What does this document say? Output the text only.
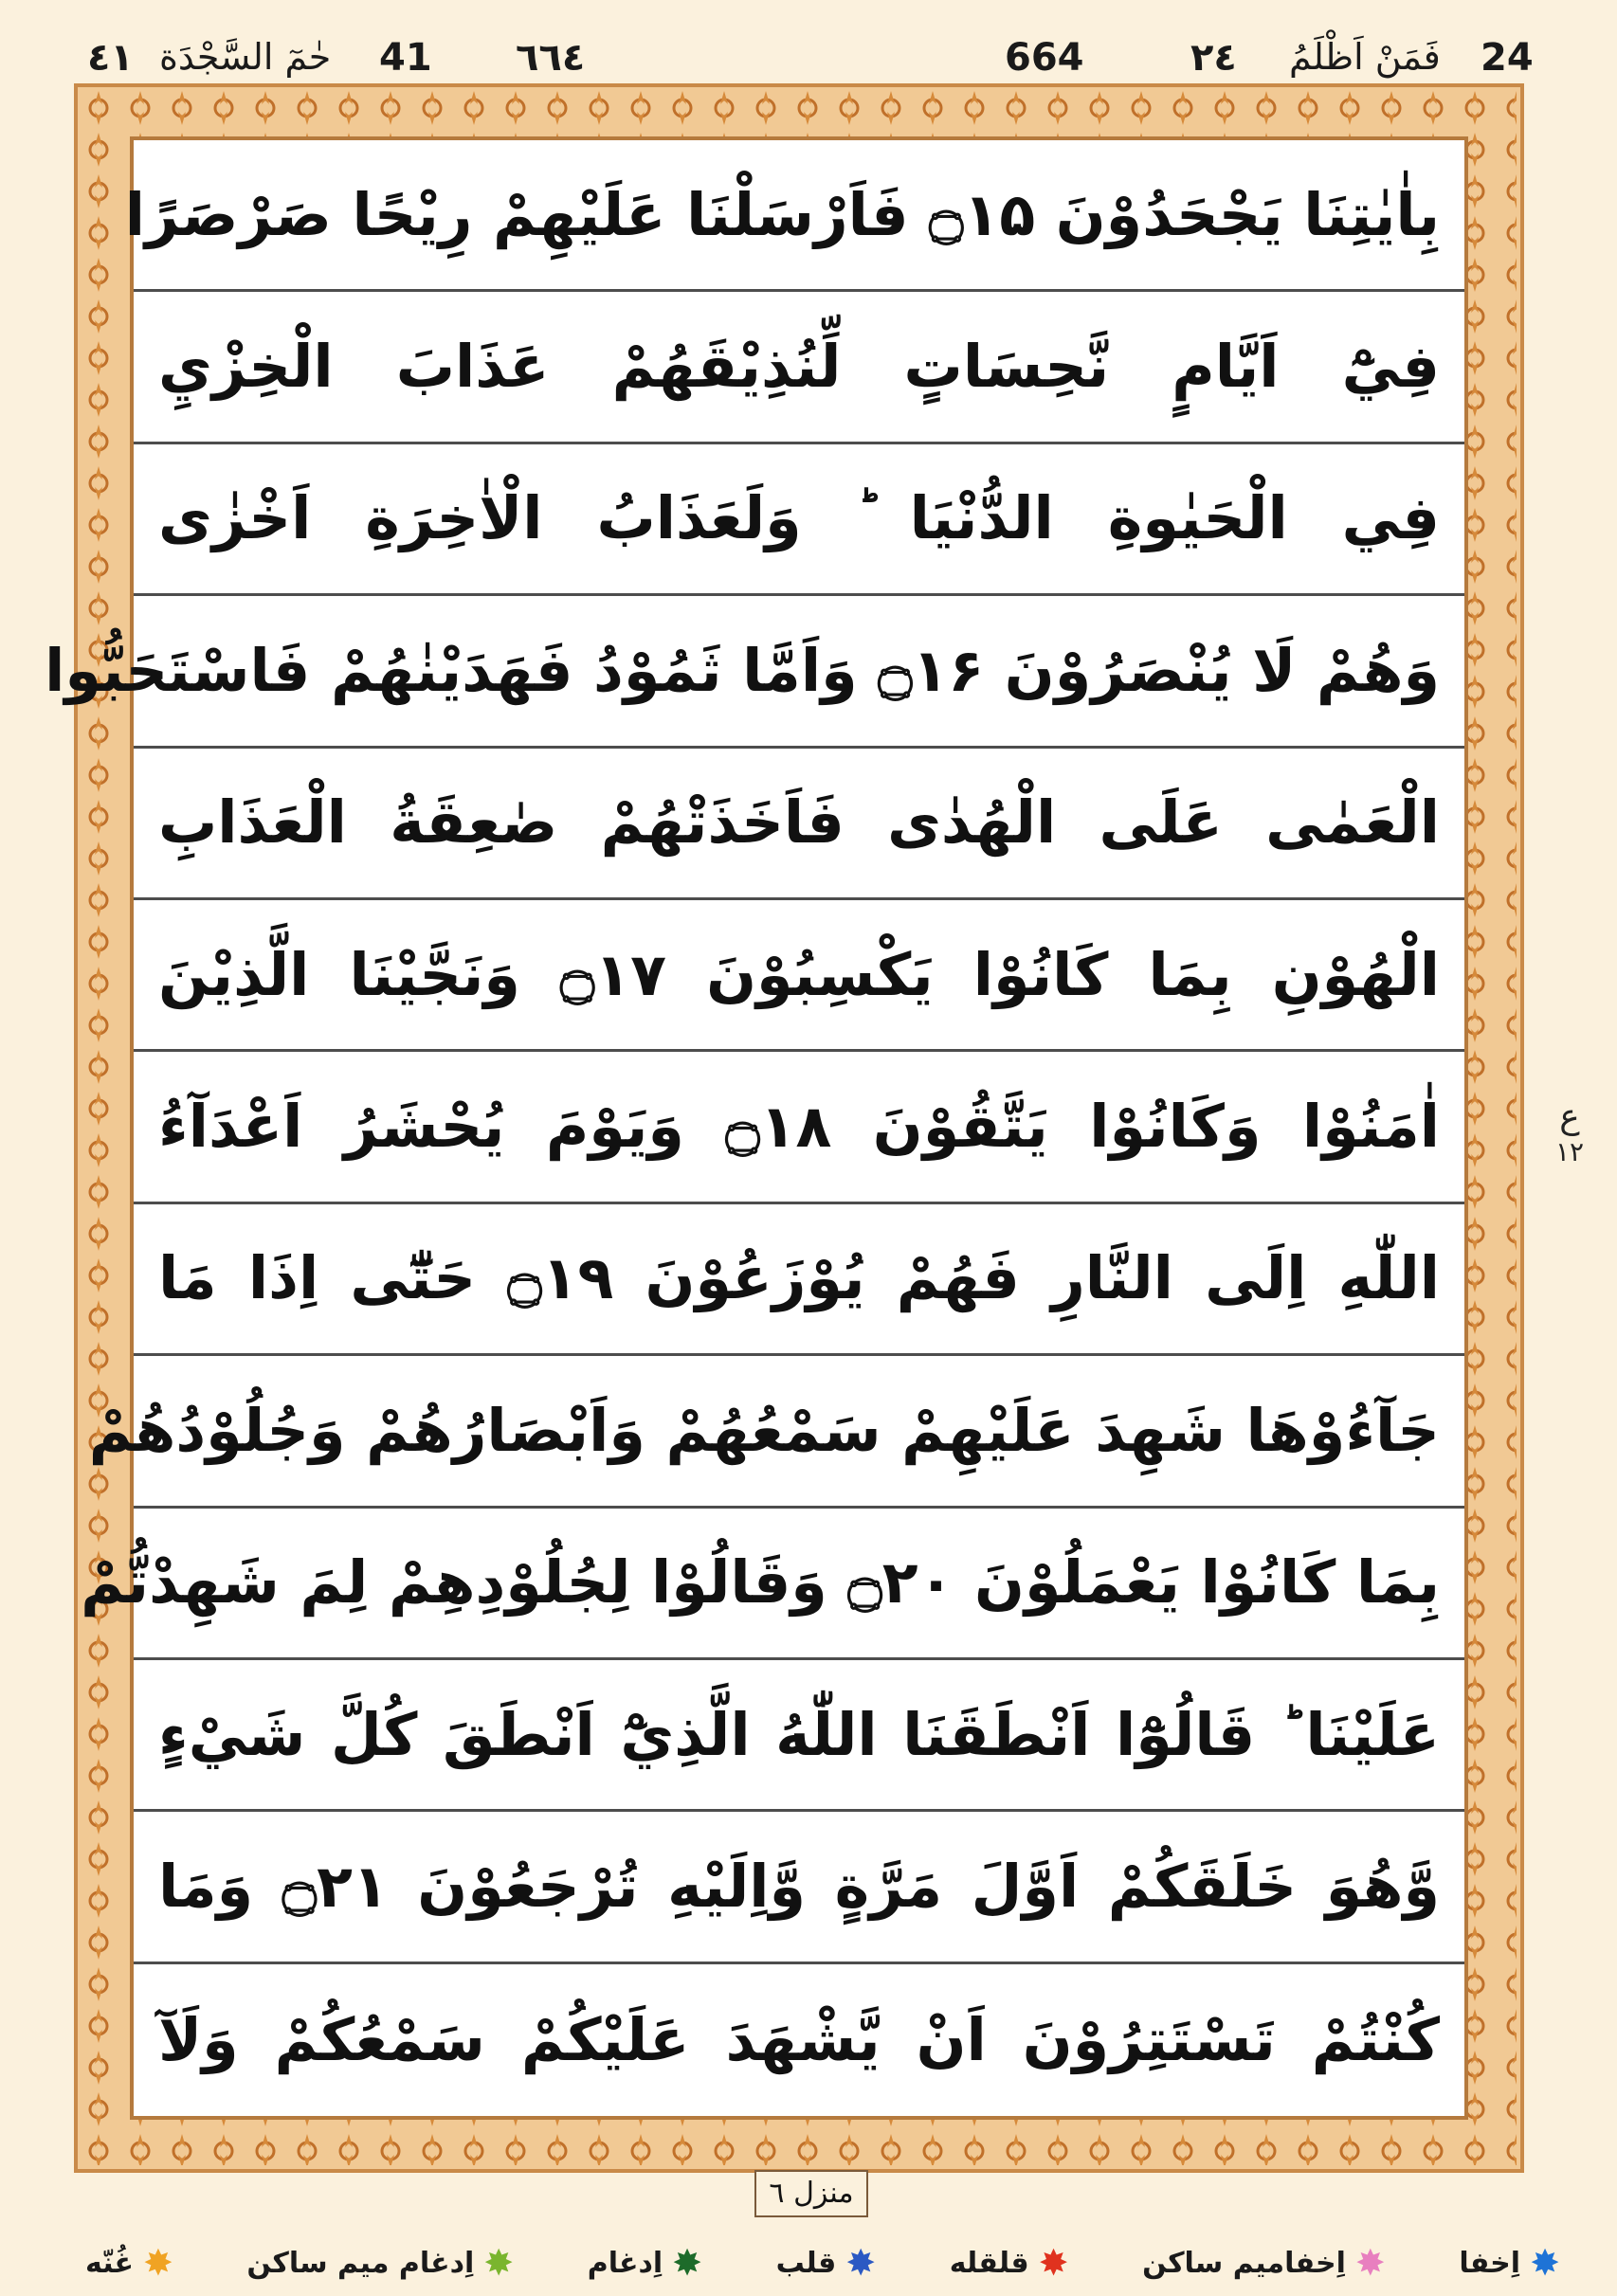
24
فَمَنْ اَظْلَمُ
٢٤
664
٦٦٤
41
حٰمٓ السَّجْدَة
٤١
بِاٰيٰتِنَا يَجْحَدُوْنَ ۝۱۵ فَاَرْسَلْنَا عَلَيْهِمْ رِيْحًا صَرْصَرًا
فِيْٓ اَيَّامٍ نَّحِسَاتٍ لِّنُذِيْقَهُمْ عَذَابَ الْخِزْيِ
فِي الْحَيٰوةِ الدُّنْيَا ؕ وَلَعَذَابُ الْاٰخِرَةِ اَخْزٰى
وَهُمْ لَا يُنْصَرُوْنَ ۝۱۶ وَاَمَّا ثَمُوْدُ فَهَدَيْنٰهُمْ فَاسْتَحَبُّوا
الْعَمٰى عَلَى الْهُدٰى فَاَخَذَتْهُمْ صٰعِقَةُ الْعَذَابِ
الْهُوْنِ بِمَا كَانُوْا يَكْسِبُوْنَ ۝۱۷ وَنَجَّيْنَا الَّذِيْنَ
اٰمَنُوْا وَكَانُوْا يَتَّقُوْنَ ۝۱۸ وَيَوْمَ يُحْشَرُ اَعْدَآءُ
اللّٰهِ اِلَى النَّارِ فَهُمْ يُوْزَعُوْنَ ۝۱۹ حَتّٰٓى اِذَا مَا
جَآءُوْهَا شَهِدَ عَلَيْهِمْ سَمْعُهُمْ وَاَبْصَارُهُمْ وَجُلُوْدُهُمْ
بِمَا كَانُوْا يَعْمَلُوْنَ ۝۲۰ وَقَالُوْا لِجُلُوْدِهِمْ لِمَ شَهِدْتُّمْ
عَلَيْنَا ؕ قَالُوْٓا اَنْطَقَنَا اللّٰهُ الَّذِيْٓ اَنْطَقَ كُلَّ شَيْءٍ
وَّهُوَ خَلَقَكُمْ اَوَّلَ مَرَّةٍ وَّاِلَيْهِ تُرْجَعُوْنَ ۝۲۱ وَمَا
كُنْتُمْ تَسْتَتِرُوْنَ اَنْ يَّشْهَدَ عَلَيْكُمْ سَمْعُكُمْ وَلَآ
ع
١٢
منزل ٦
✸
اِخفا
✸
اِخفامیم ساکن
✸
قلقله
✸
قلب
✸
اِدغام
✸
اِدغام میم ساکن
✸
غُنّه
